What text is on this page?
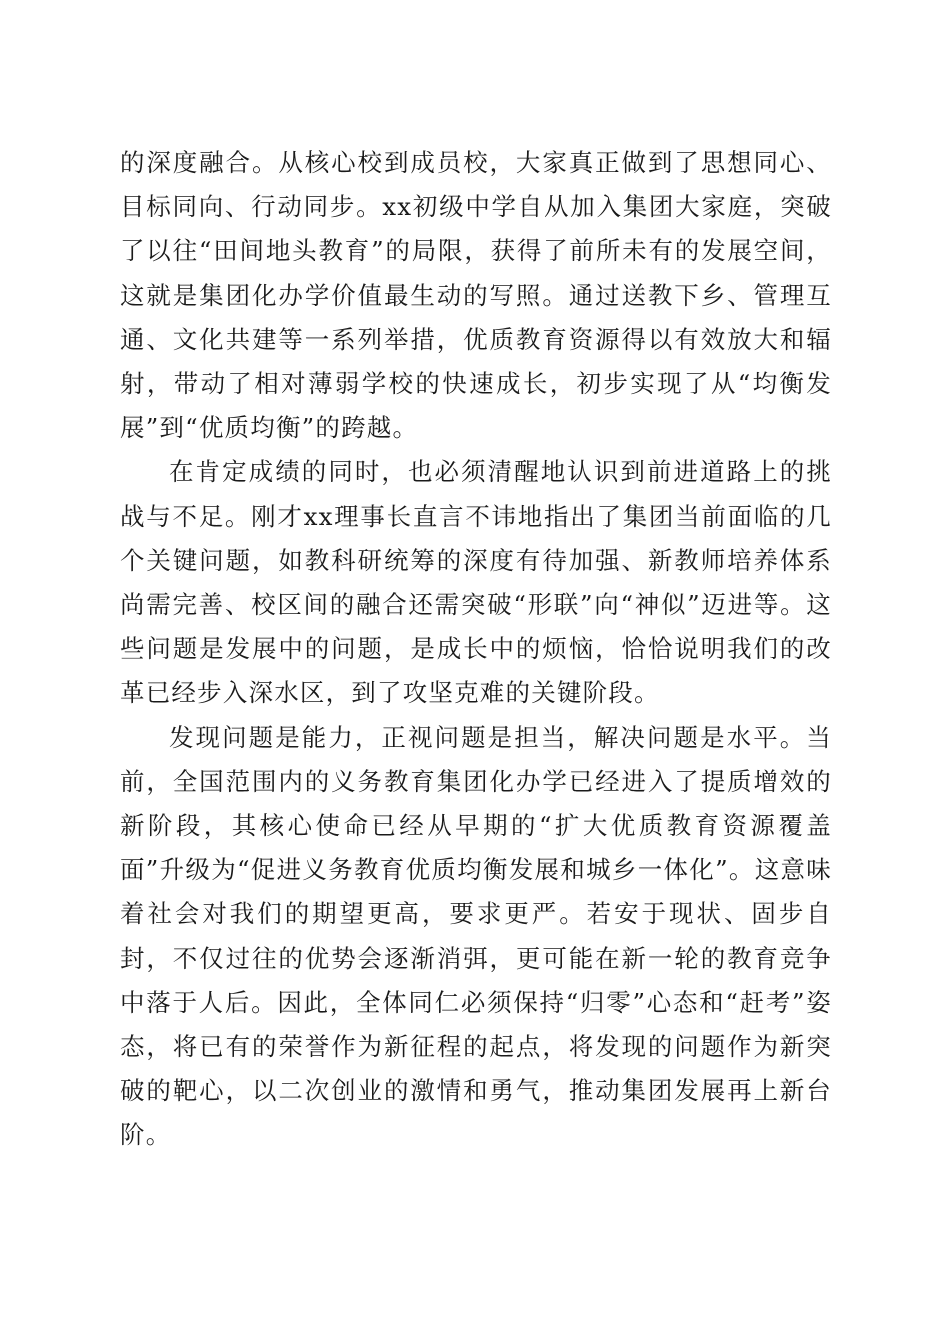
的深度融合。从核心校到成员校，大家真正做到了思想同心、目标同向、行动同步。xx初级中学自从加入集团大家庭，突破了以往“田间地头教育”的局限，获得了前所未有的发展空间，这就是集团化办学价值最生动的写照。通过送教下乡、管理互通、文化共建等一系列举措，优质教育资源得以有效放大和辐射，带动了相对薄弱学校的快速成长，初步实现了从“均衡发展”到“优质均衡”的跨越。

在肯定成绩的同时，也必须清醒地认识到前进道路上的挑战与不足。刚才xx理事长直言不讳地指出了集团当前面临的几个关键问题，如教科研统筹的深度有待加强、新教师培养体系尚需完善、校区间的融合还需突破“形联”向“神似”迈进等。这些问题是发展中的问题，是成长中的烦恼，恰恰说明我们的改革已经步入深水区，到了攻坚克难的关键阶段。

发现问题是能力，正视问题是担当，解决问题是水平。当前，全国范围内的义务教育集团化办学已经进入了提质增效的新阶段，其核心使命已经从早期的“扩大优质教育资源覆盖面”升级为“促进义务教育优质均衡发展和城乡一体化”。这意味着社会对我们的期望更高，要求更严。若安于现状、固步自封，不仅过往的优势会逐渐消弭，更可能在新一轮的教育竞争中落于人后。因此，全体同仁必须保持“归零”心态和“赶考”姿态，将已有的荣誉作为新征程的起点，将发现的问题作为新突破的靶心，以二次创业的激情和勇气，推动集团发展再上新台阶。
